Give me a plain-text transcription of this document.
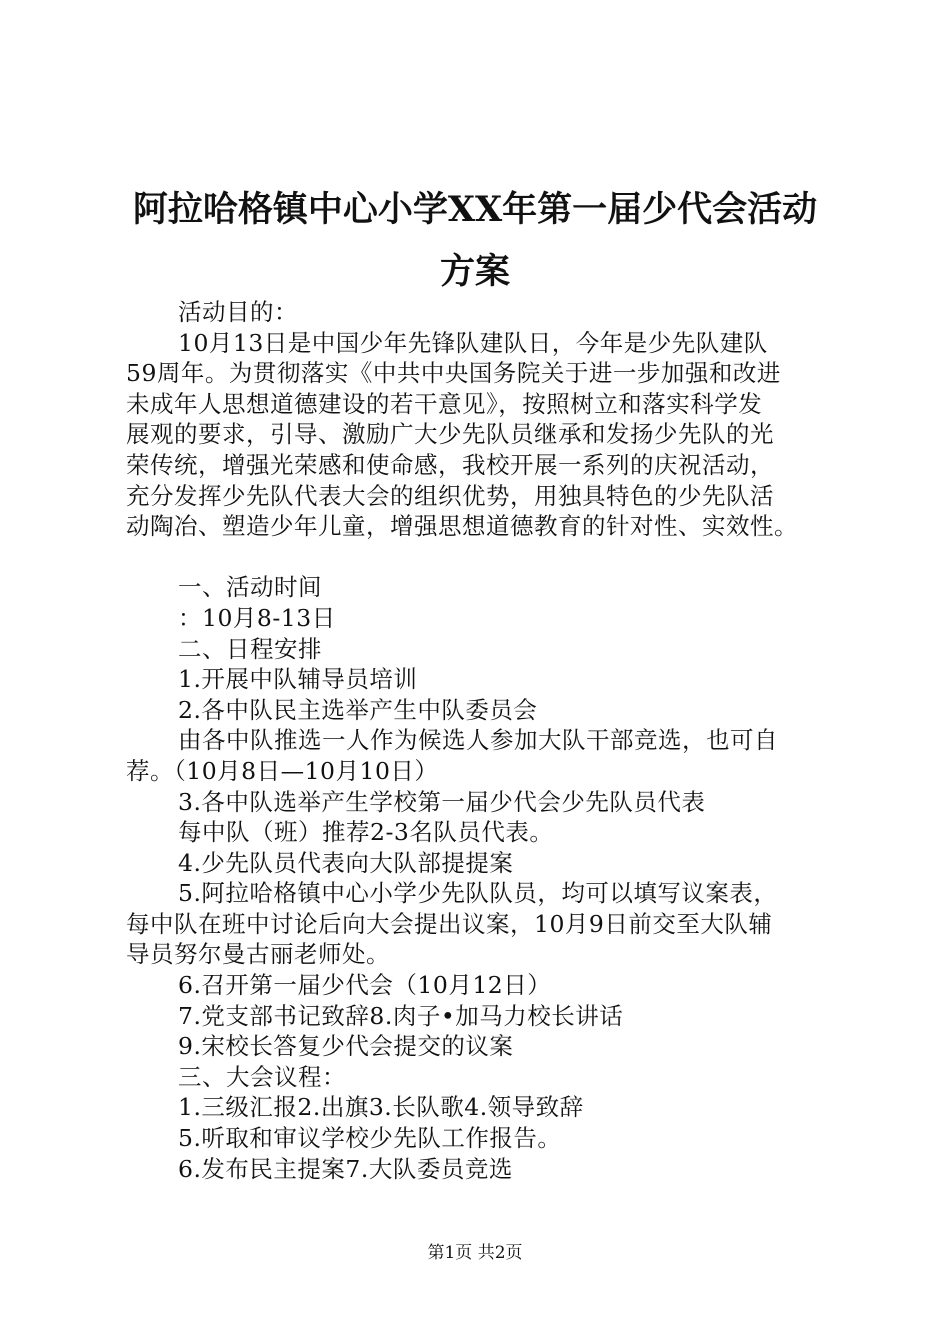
阿拉哈格镇中心小学XX年第一届少代会活动
方案

活动目的：

10月13日是中国少年先锋队建队日，今年是少先队建队

59周年。为贯彻落实《中共中央国务院关于进一步加强和改进

未成年人思想道德建设的若干意见》，按照树立和落实科学发

展观的要求，引导、激励广大少先队员继承和发扬少先队的光

荣传统，增强光荣感和使命感，我校开展一系列的庆祝活动，

充分发挥少先队代表大会的组织优势，用独具特色的少先队活

动陶冶、塑造少年儿童，增强思想道德教育的针对性、实效性。

一、活动时间

：10月8-13日

二、日程安排

1.开展中队辅导员培训

2.各中队民主选举产生中队委员会

由各中队推选一人作为候选人参加大队干部竞选，也可自

荐。（10月8日—10月10日）

3.各中队选举产生学校第一届少代会少先队员代表

每中队（班）推荐2-3名队员代表。

4.少先队员代表向大队部提提案

5.阿拉哈格镇中心小学少先队队员，均可以填写议案表，

每中队在班中讨论后向大会提出议案，10月9日前交至大队辅

导员努尔曼古丽老师处。

6.召开第一届少代会（10月12日）

7.党支部书记致辞8.肉子•加马力校长讲话

9.宋校长答复少代会提交的议案

三、大会议程：

1.三级汇报2.出旗3.长队歌4.领导致辞

5.听取和审议学校少先队工作报告。

6.发布民主提案7.大队委员竞选

第1页 共2页
